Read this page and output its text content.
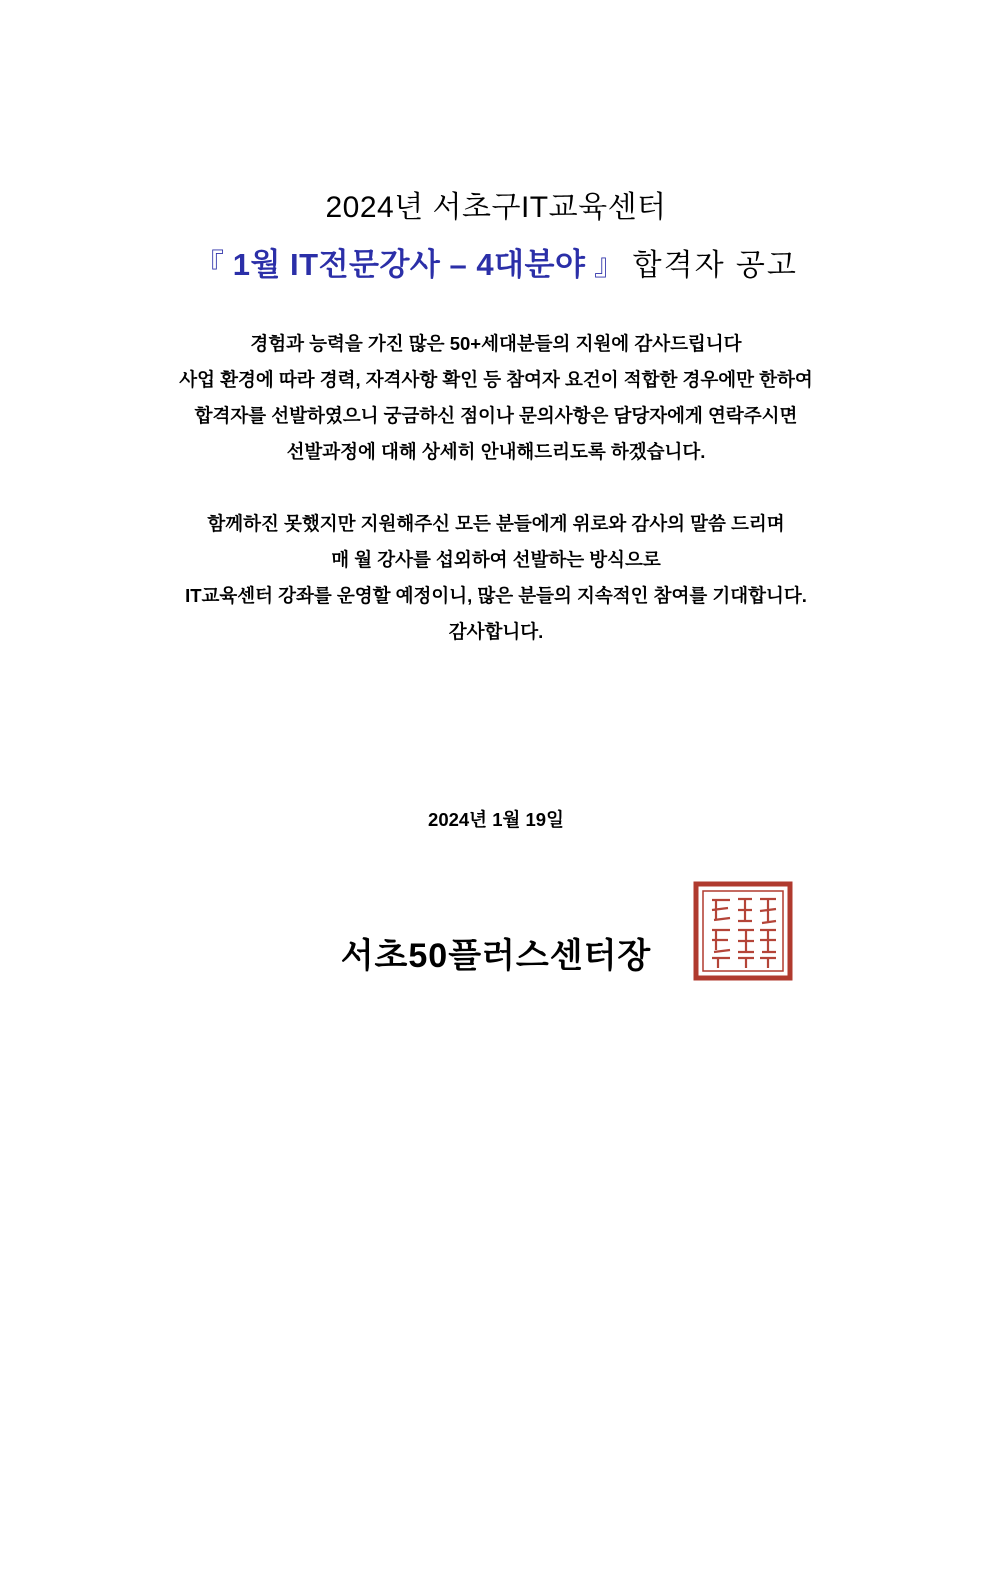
2024년 서초구IT교육센터
『 1월 IT전문강사 – 4대분야 』 합격자 공고

경험과 능력을 가진 많은 50+세대분들의 지원에 감사드립니다

사업 환경에 따라 경력, 자격사항 확인 등 참여자 요건이 적합한 경우에만 한하여

합격자를 선발하였으니 궁금하신 점이나 문의사항은 담당자에게 연락주시면

선발과정에 대해 상세히 안내해드리도록 하겠습니다.

함께하진 못했지만 지원해주신 모든 분들에게 위로와 감사의 말씀 드리며

매 월 강사를 섭외하여 선발하는 방식으로

IT교육센터 강좌를 운영할 예정이니, 많은 분들의 지속적인 참여를 기대합니다.

감사합니다.

2024년 1월 19일
서초50플러스센터장
